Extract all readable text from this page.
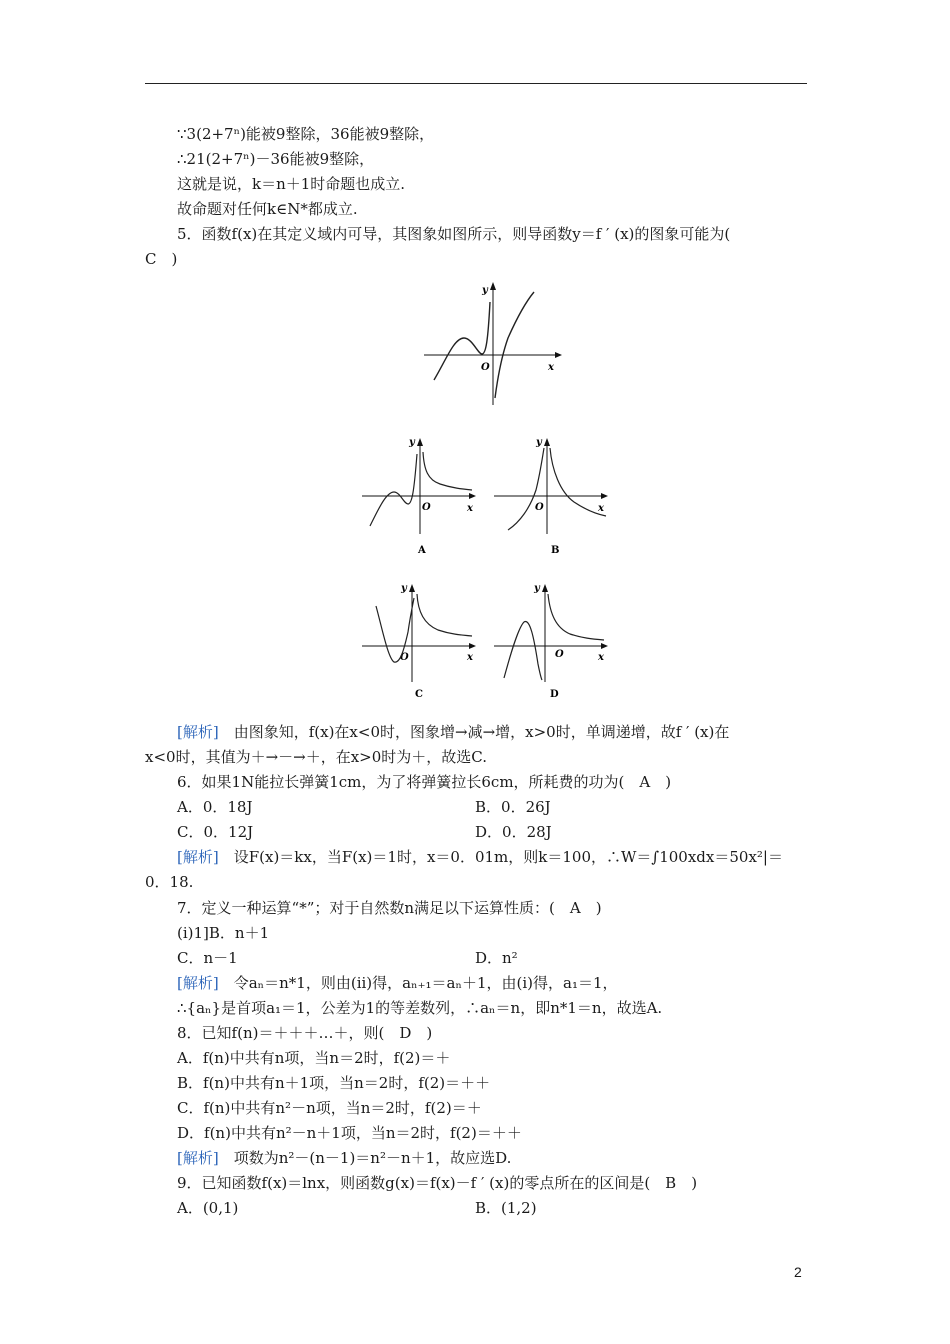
∵3(2+7ⁿ)能被9整除，36能被9整除，
∴21(2+7ⁿ)－36能被9整除，
这就是说，k＝n＋1时命题也成立.
故命题对任何k∈N*都成立.
5．函数f(x)在其定义域内可导，其图象如图所示，则导函数y＝f ′ (x)的图象可能为(
C　)
y
x
O
y
x
O
A
y
x
O
B
y
x
O
C
y
x
O
D
[解析]　由图象知，f(x)在x<0时，图象增→减→增，x>0时，单调递增，故f ′ (x)在
x<0时，其值为＋→－→＋，在x>0时为＋，故选C.
6．如果1N能拉长弹簧1cm，为了将弹簧拉长6cm，所耗费的功为(　A　)
A．0．18J	B．0．26J
C．0．12J	D．0．28J
[解析]　设F(x)＝kx，当F(x)＝1时，x＝0．01m，则k＝100，∴W＝∫100xdx＝50x²|＝
0．18.
7．定义一种运算“*”；对于自然数n满足以下运算性质：(　A　)
(i)1]B．n＋1
C．n－1	D．n²
[解析]　令aₙ＝n*1，则由(ii)得，aₙ₊₁＝aₙ＋1，由(i)得，a₁＝1，
∴{aₙ}是首项a₁＝1，公差为1的等差数列，∴aₙ＝n，即n*1＝n，故选A.
8．已知f(n)＝＋＋＋…＋，则(　D　)
A．f(n)中共有n项，当n＝2时，f(2)＝＋
B．f(n)中共有n＋1项，当n＝2时，f(2)＝＋＋
C．f(n)中共有n²－n项，当n＝2时，f(2)＝＋
D．f(n)中共有n²－n＋1项，当n＝2时，f(2)＝＋＋
[解析]　项数为n²－(n－1)＝n²－n＋1，故应选D.
9．已知函数f(x)＝lnx，则函数g(x)＝f(x)－f ′ (x)的零点所在的区间是(　B　)
A．(0,1)	B．(1,2)
2
